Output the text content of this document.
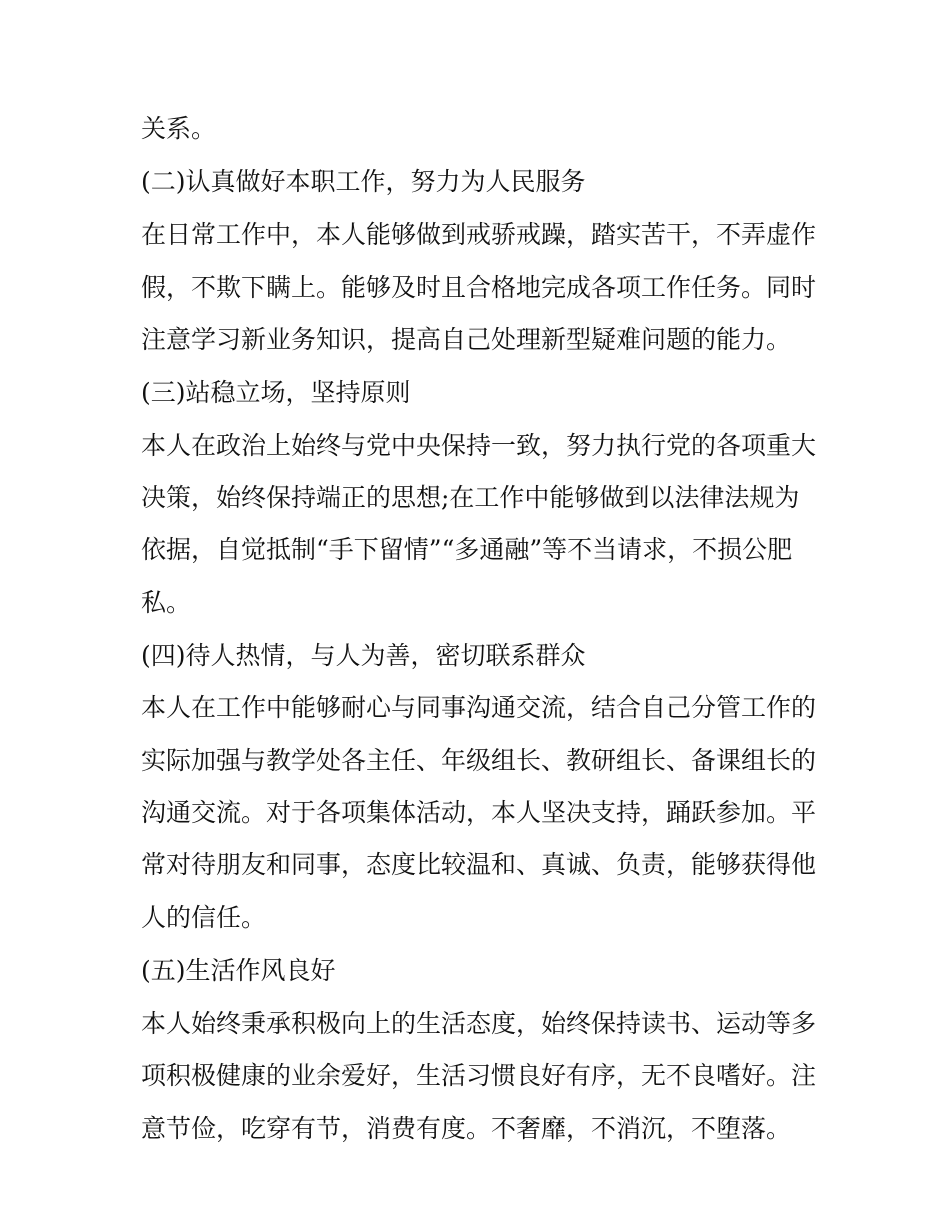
关系。
(二)认真做好本职工作，努力为人民服务
在日常工作中，本人能够做到戒骄戒躁，踏实苦干，不弄虚作
假，不欺下瞒上。能够及时且合格地完成各项工作任务。同时
注意学习新业务知识，提高自己处理新型疑难问题的能力。
(三)站稳立场，坚持原则
本人在政治上始终与党中央保持一致，努力执行党的各项重大
决策，始终保持端正的思想;在工作中能够做到以法律法规为
依据，自觉抵制“手下留情”“多通融”等不当请求，不损公肥
私。
(四)待人热情，与人为善，密切联系群众
本人在工作中能够耐心与同事沟通交流，结合自己分管工作的
实际加强与教学处各主任、年级组长、教研组长、备课组长的
沟通交流。对于各项集体活动，本人坚决支持，踊跃参加。平
常对待朋友和同事，态度比较温和、真诚、负责，能够获得他
人的信任。
(五)生活作风良好
本人始终秉承积极向上的生活态度，始终保持读书、运动等多
项积极健康的业余爱好，生活习惯良好有序，无不良嗜好。注
意节俭，吃穿有节，消费有度。不奢靡，不消沉，不堕落。
